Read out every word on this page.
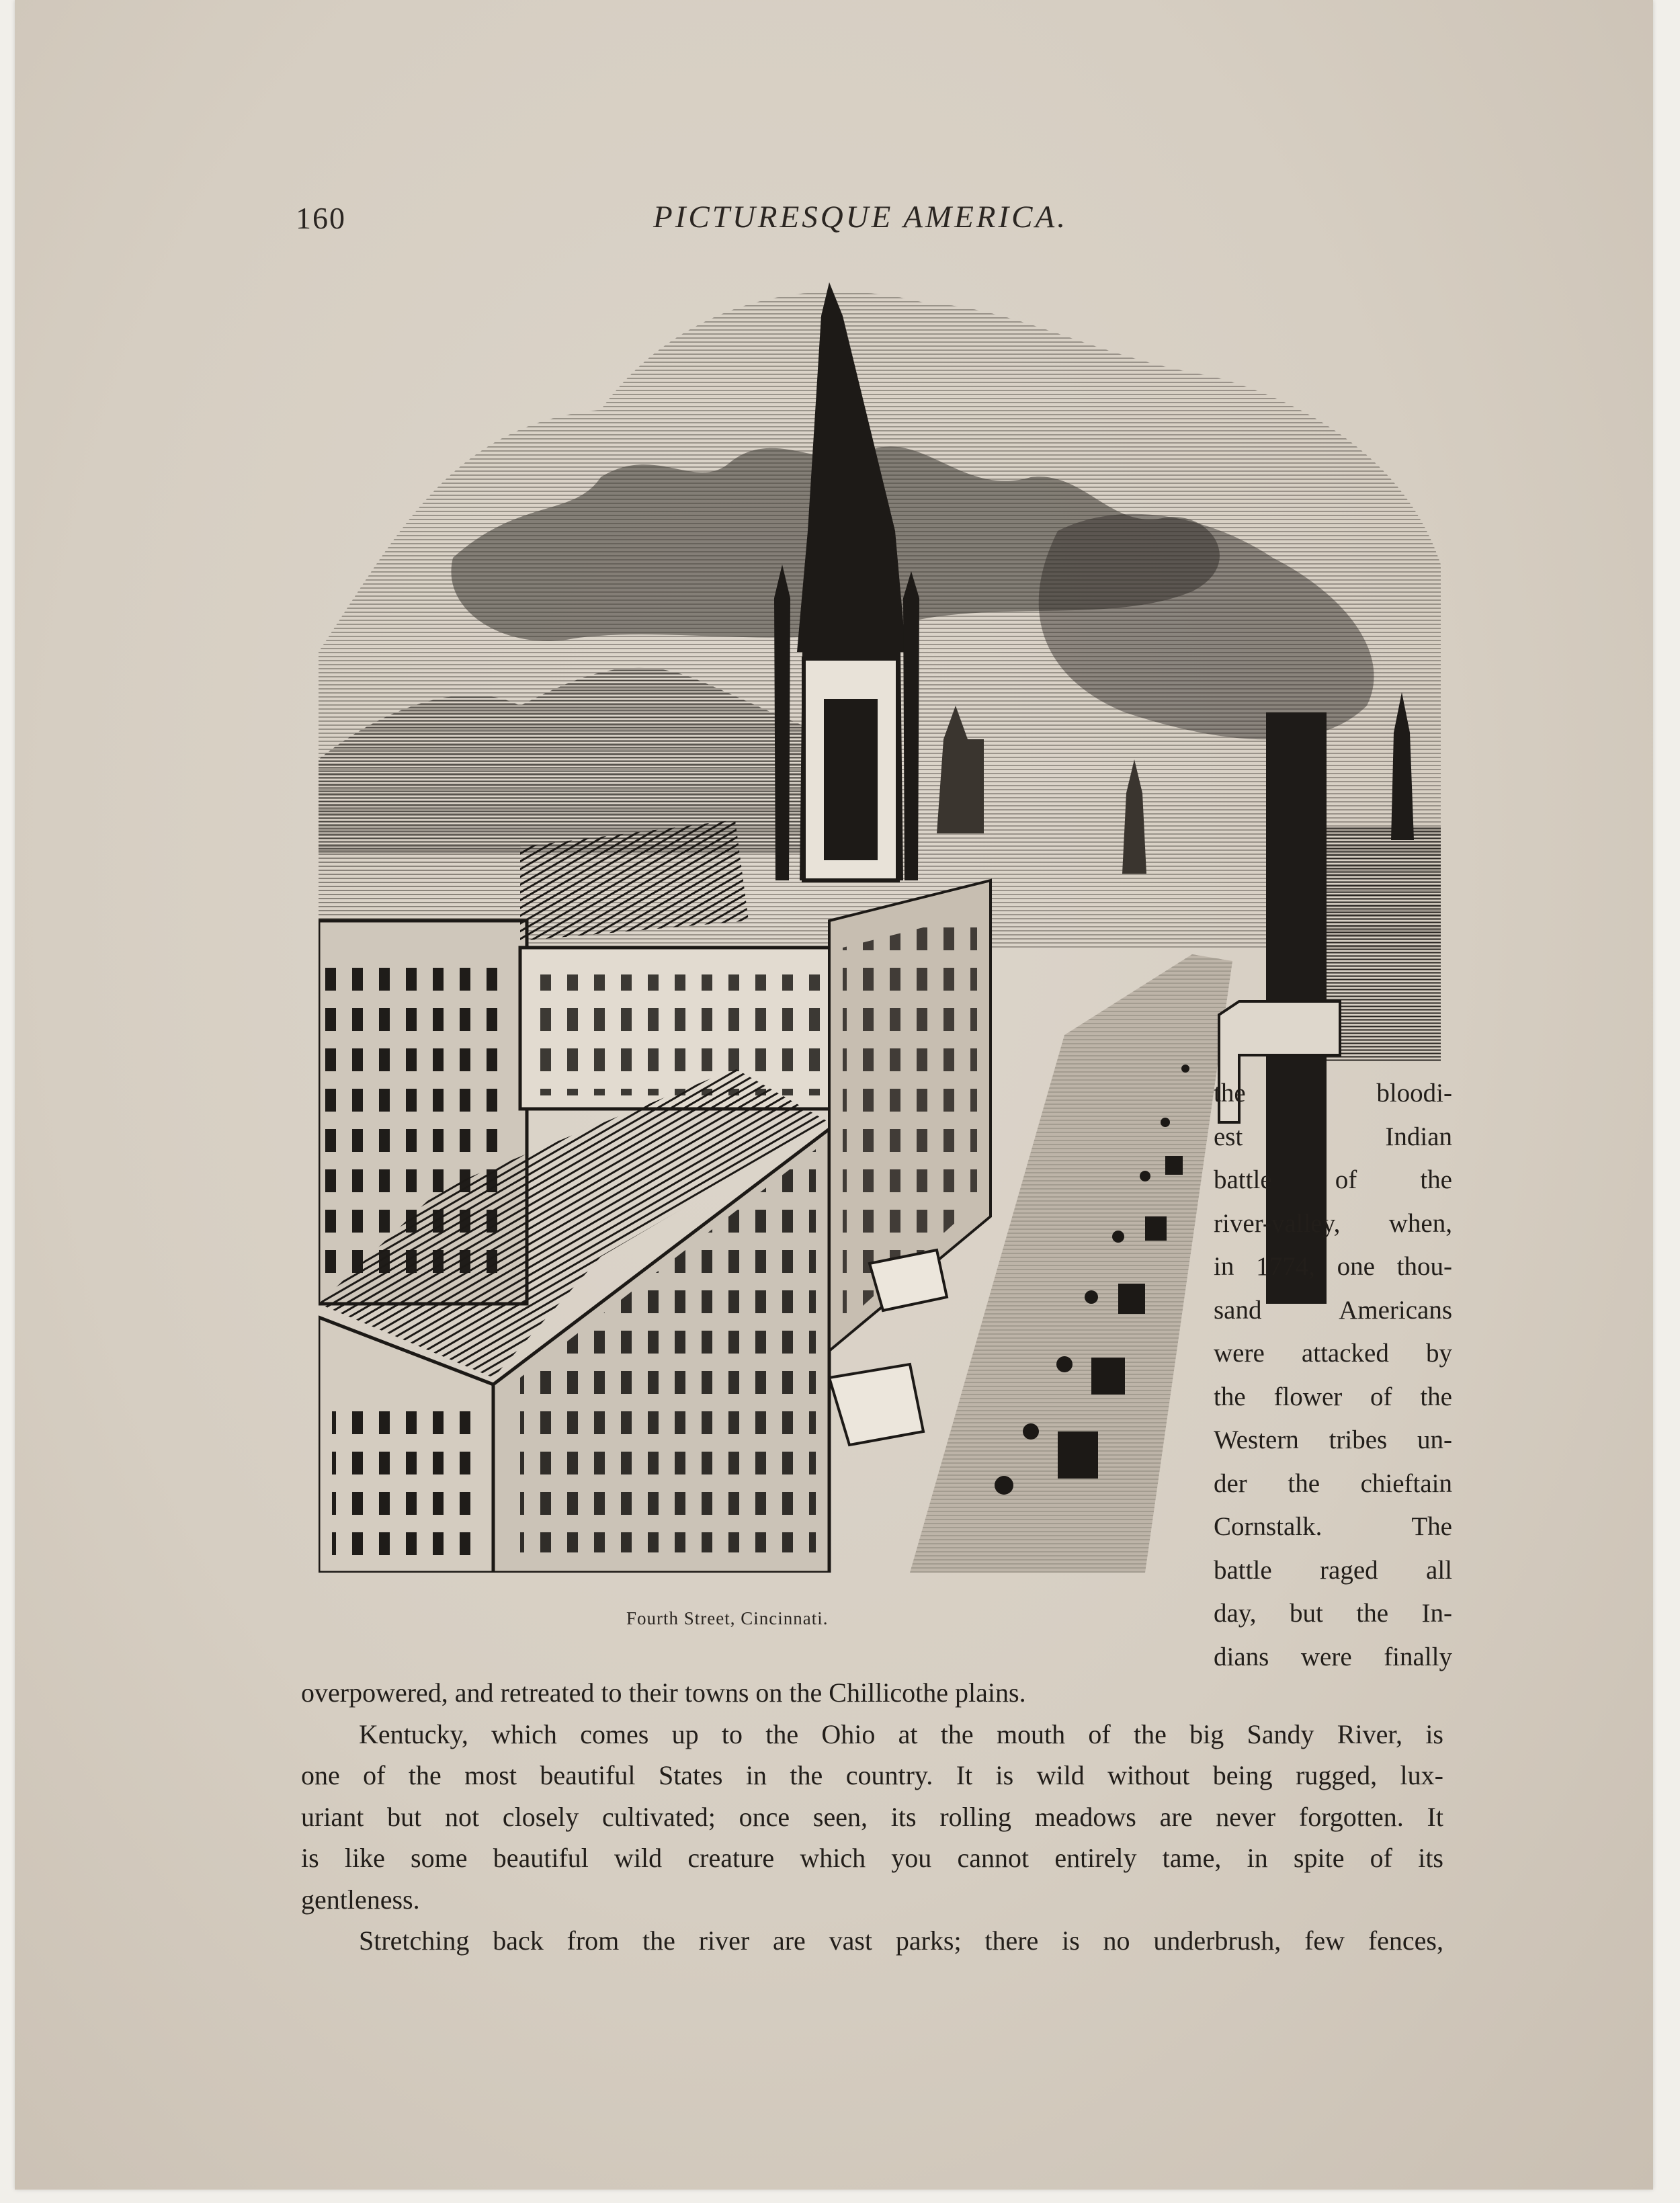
160	PICTURESQUE AMERICA.
Fourth Street, Cincinnati.
the bloodi-
est Indian
battle of the
river-valley, when,
in 1774, one thou-
sand Americans
were attacked by
the flower of the
Western tribes un-
der the chieftain
Cornstalk. The
battle raged all
day, but the In-
dians were finally
overpowered, and retreated to their towns on the Chillicothe plains.
Kentucky, which comes up to the Ohio at the mouth of the big Sandy River, is
one of the most beautiful States in the country. It is wild without being rugged, lux-
uriant but not closely cultivated; once seen, its rolling meadows are never forgotten. It
is like some beautiful wild creature which you cannot entirely tame, in spite of its
gentleness.
Stretching back from the river are vast parks; there is no underbrush, few fences,
